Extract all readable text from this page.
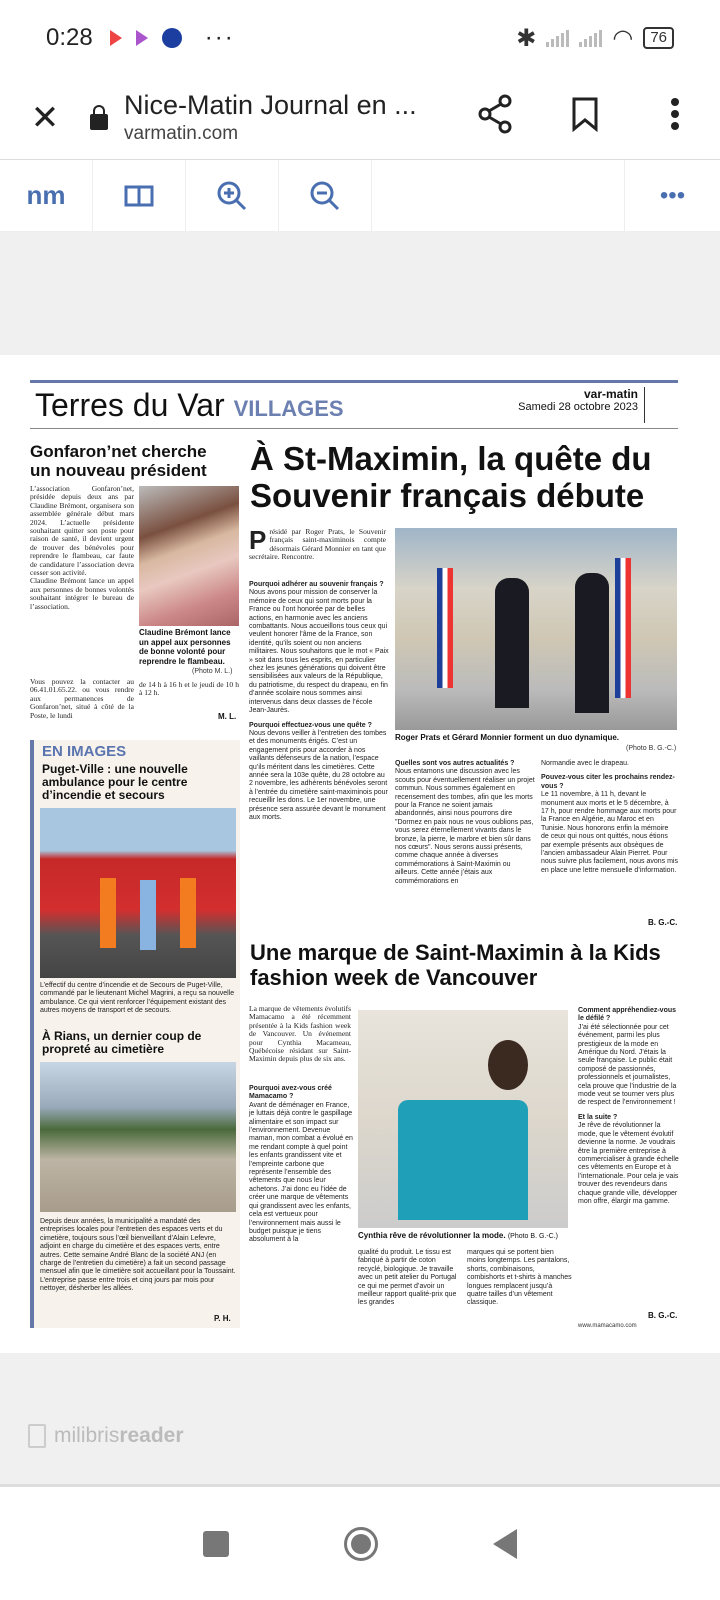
0:28	···	✱	◠	76
✕	Nice-Matin Journal en ...
varmatin.com
nm	•••
Terres du Var VILLAGES
var-matin
Samedi 28 octobre 2023
Gonfaron’net cherche un nouveau président
L’association Gonfaron’net, présidée depuis deux ans par Claudine Brémont, organisera son assemblée générale début mars 2024. L’actuelle présidente souhaitant quitter son poste pour raison de santé, il devient urgent de trouver des bénévoles pour reprendre le flambeau, car faute de candidature l’association devra cesser son activité.
Claudine Brémont lance un appel aux personnes de bonnes volontés souhaitant intégrer le bureau de l’association.
Claudine Brémont lance un appel aux personnes de bonne volonté pour reprendre le flambeau.
(Photo M. L.)
Vous pouvez la contacter au 06.41.01.65.22. ou vous rendre aux permanences de Gonfaron’net, situé à côté de la Poste, le lundi
de 14 h à 16 h et le jeudi de 10 h à 12 h.
M. L.
À St-Maximin, la quête du Souvenir français débute
Présidé par Roger Prats, le Souvenir français saint-maximinois compte désormais Gérard Monnier en tant que secrétaire. Rencontre.
Pourquoi adhérer au souvenir français ?
Nous avons pour mission de conserver la mémoire de ceux qui sont morts pour la France ou l’ont honorée par de belles actions, en harmonie avec les anciens combattants. Nous accueillons tous ceux qui veulent honorer l’âme de la France, son identité, qu’ils soient ou non anciens militaires. Nous souhaitons que le mot « Paix » soit dans tous les esprits, en particulier chez les jeunes générations qui doivent être sensibilisées aux valeurs de la République, du patriotisme, du respect du drapeau, en fin d’année scolaire nous sommes ainsi intervenus dans deux classes de l’école Jean-Jaurès.
Pourquoi effectuez-vous une quête ?
Nous devons veiller à l’entretien des tombes et des monuments érigés. C’est un engagement pris pour accorder à nos vaillants défenseurs de la nation, l’espace qu’ils méritent dans les cimetières. Cette année sera la 103e quête, du 28 octobre au 2 novembre, les adhérents bénévoles seront à l’entrée du cimetière saint-maximinois pour recueillir les dons. Le 1er novembre, une présence sera assurée devant le monument aux morts.
Roger Prats et Gérard Monnier forment un duo dynamique.
(Photo B. G.-C.)
Quelles sont vos autres actualités ?
Nous entamons une discussion avec les scouts pour éventuellement réaliser un projet commun. Nous sommes également en recensement des tombes, afin que les morts pour la France ne soient jamais abandonnés, ainsi nous pourrons dire "Dormez en paix nous ne vous oublions pas, vous serez éternellement vivants dans le bronze, la pierre, le marbre et bien sûr dans nos cœurs". Nous serons aussi présents, comme chaque année à diverses commémorations à Saint-Maximin ou ailleurs. Cette année j’étais aux commémorations en
Normandie avec le drapeau.
Pouvez-vous citer les prochains rendez-vous ?
Le 11 novembre, à 11 h, devant le monument aux morts et le 5 décembre, à 17 h, pour rendre hommage aux morts pour la France en Algérie, au Maroc et en Tunisie. Nous honorons enfin la mémoire de ceux qui nous ont quittés, nous étions par exemple présents aux obsèques de l’ancien ambassadeur Alain Pierret. Pour nous suivre plus facilement, nous avons mis en place une lettre mensuelle d’information.
B. G.-C.
EN IMAGES
Puget-Ville : une nouvelle ambulance pour le centre d’incendie et secours
L’effectif du centre d’incendie et de Secours de Puget-Ville, commandé par le lieutenant Michel Magrini, a reçu sa nouvelle ambulance. Ce qui vient renforcer l’équipement existant des autres moyens de transport et de secours.
À Rians, un dernier coup de propreté au cimetière
Depuis deux années, la municipalité a mandaté des entreprises locales pour l’entretien des espaces verts et du cimetière, toujours sous l’œil bienveillant d’Alain Lefevre, adjoint en charge du cimetière et des espaces verts, entre autres. Cette semaine André Blanc de la société ANJ (en charge de l’entretien du cimetière) a fait un second passage mensuel afin que le cimetière soit accueillant pour la Toussaint. L’entreprise passe entre trois et cinq jours par mois pour nettoyer, désherber les allées.
P. H.
Une marque de Saint-Maximin à la Kids fashion week de Vancouver
La marque de vêtements évolutifs Mamacamo a été récemment présentée à la Kids fashion week de Vancouver. Un événement pour Cynthia Macameau, Québécoise résidant sur Saint-Maximin depuis plus de six ans.
Pourquoi avez-vous créé Mamacamo ?
Avant de déménager en France, je luttais déjà contre le gaspillage alimentaire et son impact sur l’environnement. Devenue maman, mon combat a évolué en me rendant compte à quel point les enfants grandissent vite et l’empreinte carbone que représente l’ensemble des vêtements que nous leur achetons. J’ai donc eu l’idée de créer une marque de vêtements qui grandissent avec les enfants, cela est vertueux pour l’environnement mais aussi le budget puisque je tiens absolument à la	Cynthia rêve de révolutionner la mode. (Photo B. G.-C.)
qualité du produit. Le tissu est fabriqué à partir de coton recyclé, biologique. Je travaille avec un petit atelier du Portugal ce qui me permet d’avoir un meilleur rapport qualité-prix que les grandes
marques qui se portent bien moins longtemps. Les pantalons, shorts, combinaisons, combishorts et t-shirts à manches longues remplacent jusqu’à quatre tailles d’un vêtement classique.
Comment appréhendiez-vous le défilé ?
J’ai été sélectionnée pour cet événement, parmi les plus prestigieux de la mode en Amérique du Nord. J’étais la seule française. Le public était composé de passionnés, professionnels et journalistes, cela prouve que l’industrie de la mode veut se tourner vers plus de respect de l’environnement !
Et la suite ?
Je rêve de révolutionner la mode, que le vêtement évolutif devienne la norme. Je voudrais être la première entreprise à commercialiser à grande échelle ces vêtements en Europe et à l’internationale. Pour cela je vais trouver des revendeurs dans chaque grande ville, développer mon offre, élargir ma gamme.
B. G.-C.
www.mamacamo.com
milibris reader
